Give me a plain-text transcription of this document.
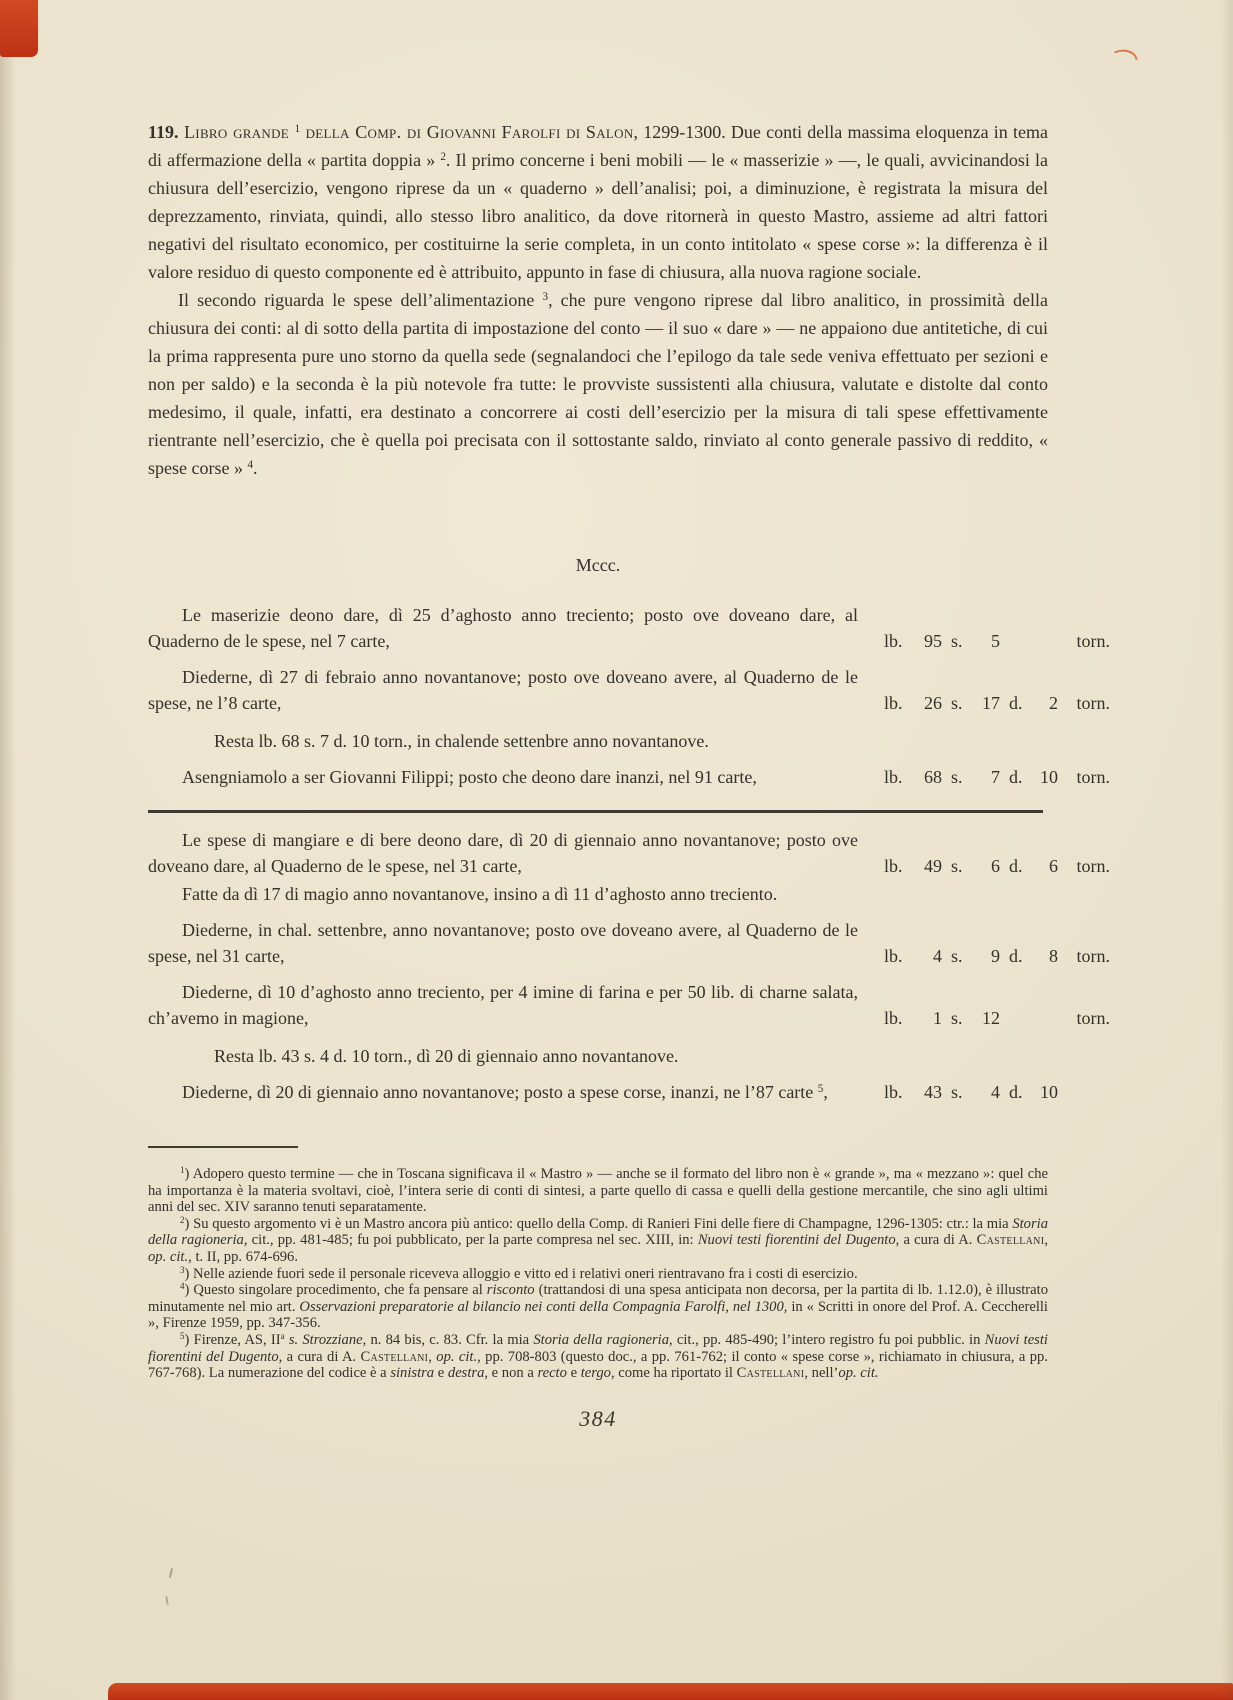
119. Libro grande $^1$ della Comp. di Giovanni Farolfi di Salon, 1299-1300. Due conti della massima eloquenza in tema di affermazione della « partita doppia » $^2$. Il primo concerne i beni mobili — le « masserizie » —, le quali, avvicinandosi la chiusura dell’esercizio, vengono riprese da un « quaderno » dell’analisi; poi, a diminuzione, è registrata la misura del deprezzamento, rinviata, quindi, allo stesso libro analitico, da dove ritornerà in questo Mastro, assieme ad altri fattori negativi del risultato economico, per costituirne la serie completa, in un conto intitolato « spese corse »: la differenza è il valore residuo di questo componente ed è attribuito, appunto in fase di chiusura, alla nuova ragione sociale.

Il secondo riguarda le spese dell’alimentazione $^3$, che pure vengono riprese dal libro analitico, in prossimità della chiusura dei conti: al di sotto della partita di impostazione del conto — il suo « dare » — ne appaiono due antitetiche, di cui la prima rappresenta pure uno storno da quella sede (segnalandoci che l’epilogo da tale sede veniva effettuato per sezioni e non per saldo) e la seconda è la più notevole fra tutte: le provviste sussistenti alla chiusura, valutate e distolte dal conto medesimo, il quale, infatti, era destinato a concorrere ai costi dell’esercizio per la misura di tali spese effettivamente rientrante nell’esercizio, che è quella poi precisata con il sottostante saldo, rinviato al conto generale passivo di reddito, « spese corse » $^4$.

Mccc.
Le maserizie deono dare, dì 25 d’aghosto anno treciento; posto ove doveano dare, al Quaderno de le spese, nel 7 carte,	lb.	95 s.	5	torn.
Diederne, dì 27 di febraio anno novantanove; posto ove doveano avere, al Quaderno de le spese, ne l’8 carte,	lb.	26 s.	17 d.	2	torn.
Resta lb. 68 s. 7 d. 10 torn., in chalende settenbre anno novantanove.
Asengniamolo a ser Giovanni Filippi; posto che deono dare inanzi, nel 91 carte,	lb.	68 s.	7 d. 10	torn.
Le spese di mangiare e di bere deono dare, dì 20 di giennaio anno novantanove; posto ove doveano dare, al Quaderno de le spese, nel 31 carte,	lb.	49 s.	6 d.	6	torn.
Fatte da dì 17 di magio anno novantanove, insino a dì 11 d’aghosto anno treciento.
Diederne, in chal. settenbre, anno novantanove; posto ove doveano avere, al Quaderno de le spese, nel 31 carte,	lb.	4 s.	9 d.	8	torn.
Diederne, dì 10 d’aghosto anno treciento, per 4 imine di farina e per 50 lib. di charne salata, ch’avemo in magione,	lb.	1 s.	12	torn.
Resta lb. 43 s. 4 d. 10 torn., dì 20 di giennaio anno novantanove.
Diederne, dì 20 di giennaio anno novantanove; posto a spese corse, inanzi, ne l’87 carte $^5$,	lb.	43 s.	4 d. 10

$^1$) Adopero questo termine — che in Toscana significava il « Mastro » — anche se il formato del libro non è « grande », ma « mezzano »: quel che ha importanza è la materia svoltavi, cioè, l’intera serie di conti di sintesi, a parte quello di cassa e quelli della gestione mercantile, che sino agli ultimi anni del sec. XIV saranno tenuti separatamente.

$^2$) Su questo argomento vi è un Mastro ancora più antico: quello della Comp. di Ranieri Fini delle fiere di Champagne, 1296-1305: ctr.: la mia Storia della ragioneria, cit., pp. 481-485; fu poi pubblicato, per la parte compresa nel sec. XIII, in: Nuovi testi fiorentini del Dugento, a cura di A. Castellani, op. cit., t. II, pp. 674-696.

$^3$) Nelle aziende fuori sede il personale riceveva alloggio e vitto ed i relativi oneri rientravano fra i costi di esercizio.

$^4$) Questo singolare procedimento, che fa pensare al risconto (trattandosi di una spesa anticipata non decorsa, per la partita di lb. 1.12.0), è illustrato minutamente nel mio art. Osservazioni preparatorie al bilancio nei conti della Compagnia Farolfi, nel 1300, in « Scritti in onore del Prof. A. Ceccherelli », Firenze 1959, pp. 347-356.

$^5$) Firenze, AS, $II^a$ s. Strozziane, n. 84 bis, c. 83. Cfr. la mia Storia della ragioneria, cit., pp. 485-490; l’intero registro fu poi pubblic. in Nuovi testi fiorentini del Dugento, a cura di A. Castellani, op. cit., pp. 708-803 (questo doc., a pp. 761-762; il conto « spese corse », richiamato in chiusura, a pp. 767-768). La numerazione del codice è a sinistra e destra, e non a recto e tergo, come ha riportato il Castellani, nell’op. cit.

384
